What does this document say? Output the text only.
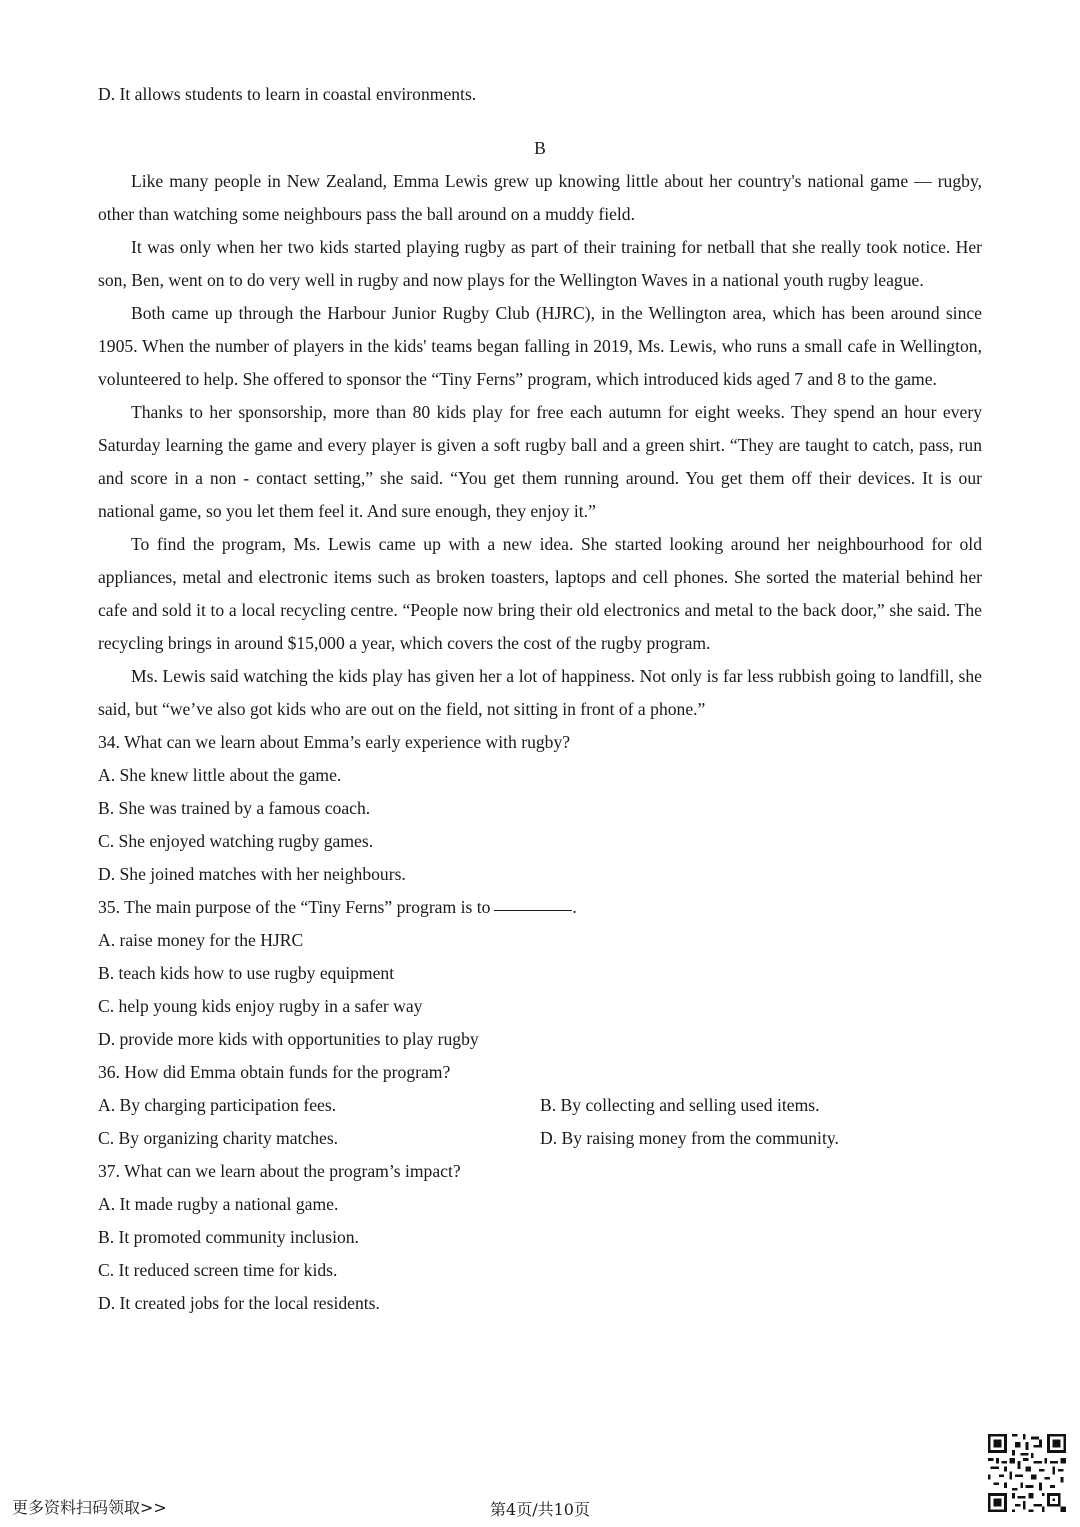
D. It allows students to learn in coastal environments.

B

Like many people in New Zealand, Emma Lewis grew up knowing little about her country's national game — rugby, other than watching some neighbours pass the ball around on a muddy field.

It was only when her two kids started playing rugby as part of their training for netball that she really took notice. Her son, Ben, went on to do very well in rugby and now plays for the Wellington Waves in a national youth rugby league.

Both came up through the Harbour Junior Rugby Club (HJRC), in the Wellington area, which has been around since 1905. When the number of players in the kids' teams began falling in 2019, Ms. Lewis, who runs a small cafe in Wellington, volunteered to help. She offered to sponsor the “Tiny Ferns” program, which introduced kids aged 7 and 8 to the game.

Thanks to her sponsorship, more than 80 kids play for free each autumn for eight weeks. They spend an hour every Saturday learning the game and every player is given a soft rugby ball and a green shirt. “They are taught to catch, pass, run and score in a non - contact setting,” she said. “You get them running around. You get them off their devices. It is our national game, so you let them feel it. And sure enough, they enjoy it.”

To find the program, Ms. Lewis came up with a new idea. She started looking around her neighbourhood for old appliances, metal and electronic items such as broken toasters, laptops and cell phones. She sorted the material behind her cafe and sold it to a local recycling centre. “People now bring their old electronics and metal to the back door,” she said. The recycling brings in around $15,000 a year, which covers the cost of the rugby program.

Ms. Lewis said watching the kids play has given her a lot of happiness. Not only is far less rubbish going to landfill, she said, but “we’ve also got kids who are out on the field, not sitting in front of a phone.”

34. What can we learn about Emma’s early experience with rugby?

A. She knew little about the game.

B. She was trained by a famous coach.

C. She enjoyed watching rugby games.

D. She joined matches with her neighbours.

35. The main purpose of the “Tiny Ferns” program is to	.

A. raise money for the HJRC

B. teach kids how to use rugby equipment

C. help young kids enjoy rugby in a safer way

D. provide more kids with opportunities to play rugby

36. How did Emma obtain funds for the program?

A. By charging participation fees.	B. By collecting and selling used items.
C. By organizing charity matches.	D. By raising money from the community.

37. What can we learn about the program’s impact?

A. It made rugby a national game.

B. It promoted community inclusion.

C. It reduced screen time for kids.

D. It created jobs for the local residents.

更多资料扫码领取>>	第4页/共10页
